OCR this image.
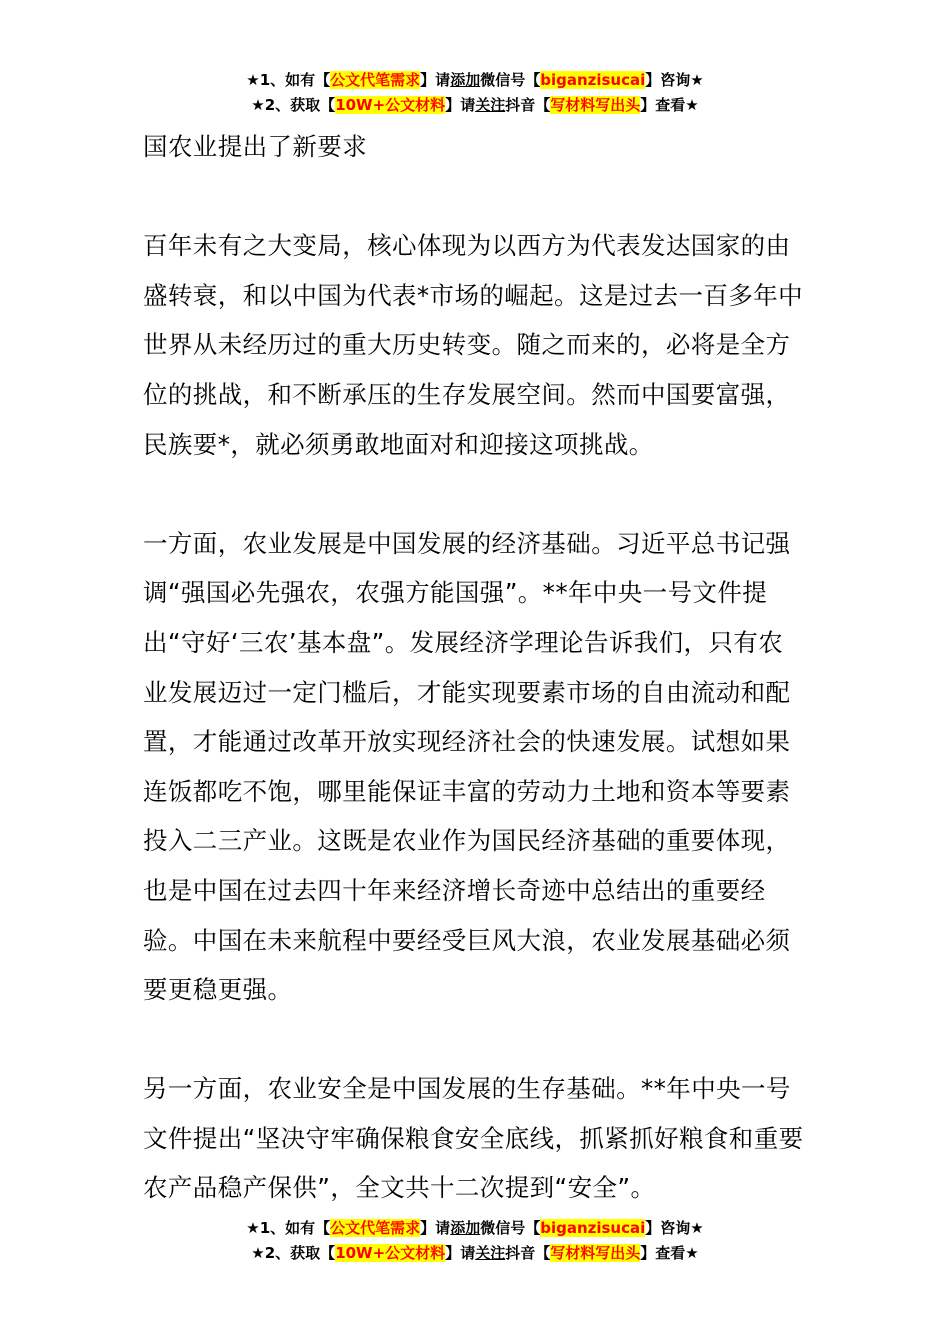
★1、如有【公文代笔需求】请添加微信号【biganzisucai】咨询★
★2、获取【10W+公文材料】请关注抖音【写材料写出头】查看★

国农业提出了新要求

百年未有之大变局，核心体现为以西方为代表发达国家的由盛转衰，和以中国为代表*市场的崛起。这是过去一百多年中世界从未经历过的重大历史转变。随之而来的，必将是全方位的挑战，和不断承压的生存发展空间。然而中国要富强，民族要*，就必须勇敢地面对和迎接这项挑战。

一方面，农业发展是中国发展的经济基础。习近平总书记强调“强国必先强农，农强方能国强”。**年中央一号文件提出“守好‘三农’基本盘”。发展经济学理论告诉我们，只有农业发展迈过一定门槛后，才能实现要素市场的自由流动和配置，才能通过改革开放实现经济社会的快速发展。试想如果连饭都吃不饱，哪里能保证丰富的劳动力土地和资本等要素投入二三产业。这既是农业作为国民经济基础的重要体现，也是中国在过去四十年来经济增长奇迹中总结出的重要经验。中国在未来航程中要经受巨风大浪，农业发展基础必须要更稳更强。

另一方面，农业安全是中国发展的生存基础。**年中央一号文件提出“坚决守牢确保粮食安全底线，抓紧抓好粮食和重要农产品稳产保供”，全文共十二次提到“安全”。

★1、如有【公文代笔需求】请添加微信号【biganzisucai】咨询★
★2、获取【10W+公文材料】请关注抖音【写材料写出头】查看★
